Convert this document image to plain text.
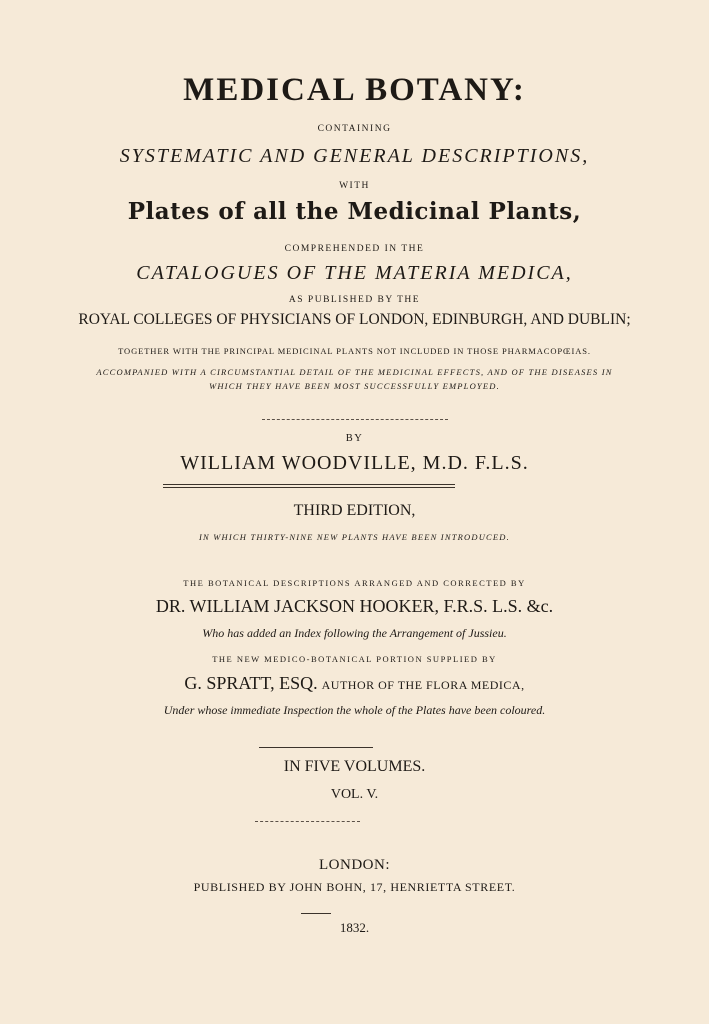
MEDICAL BOTANY:
CONTAINING
SYSTEMATIC AND GENERAL DESCRIPTIONS,
WITH
Plates of all the Medicinal Plants,
COMPREHENDED IN THE
CATALOGUES OF THE MATERIA MEDICA,
AS PUBLISHED BY THE
ROYAL COLLEGES OF PHYSICIANS OF LONDON, EDINBURGH, AND DUBLIN;
TOGETHER WITH THE PRINCIPAL MEDICINAL PLANTS NOT INCLUDED IN THOSE PHARMACOPŒIAS.
ACCOMPANIED WITH A CIRCUMSTANTIAL DETAIL OF THE MEDICINAL EFFECTS, AND OF THE DISEASES IN
WHICH THEY HAVE BEEN MOST SUCCESSFULLY EMPLOYED.
BY
WILLIAM WOODVILLE, M.D. F.L.S.
THIRD EDITION,
IN WHICH THIRTY-NINE NEW PLANTS HAVE BEEN INTRODUCED.
THE BOTANICAL DESCRIPTIONS ARRANGED AND CORRECTED BY
DR. WILLIAM JACKSON HOOKER, F.R.S. L.S. &c.
Who has added an Index following the Arrangement of Jussieu.
THE NEW MEDICO-BOTANICAL PORTION SUPPLIED BY
G. SPRATT, ESQ. AUTHOR OF THE FLORA MEDICA,
Under whose immediate Inspection the whole of the Plates have been coloured.
IN FIVE VOLUMES.
VOL. V.
LONDON:
PUBLISHED BY JOHN BOHN, 17, HENRIETTA STREET.
1832.
